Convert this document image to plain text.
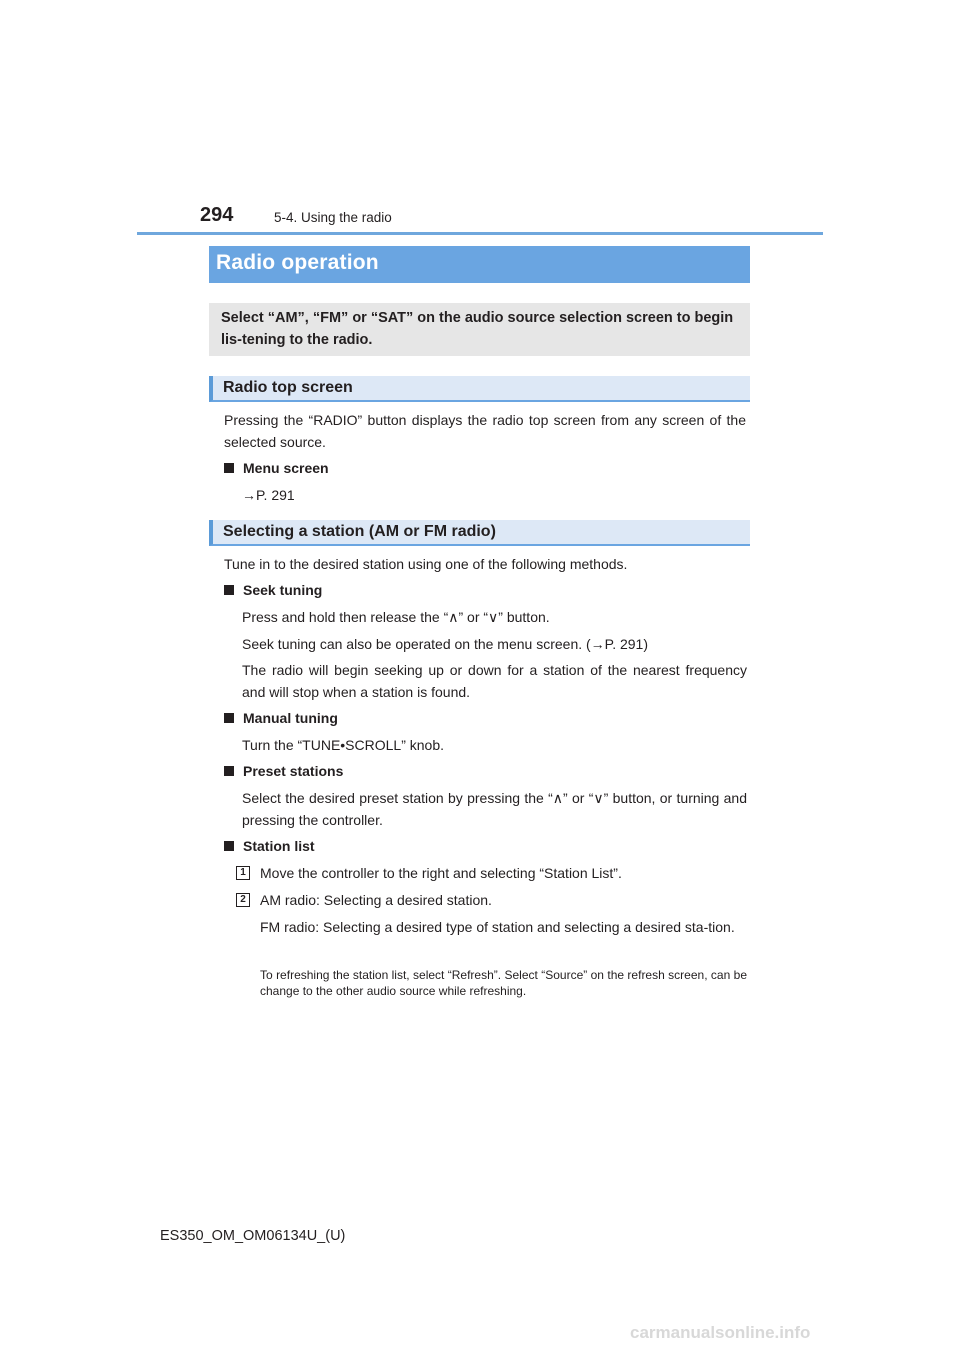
294	5-4. Using the radio
Radio operation
Select “AM”, “FM” or “SAT” on the audio source selection screen to begin lis-tening to the radio.
Radio top screen
Pressing the “RADIO” button displays the radio top screen from any screen of the selected source.
Menu screen
→P. 291
Selecting a station (AM or FM radio)
Tune in to the desired station using one of the following methods.
Seek tuning
Press and hold then release the “∧” or “∨” button.
Seek tuning can also be operated on the menu screen. (→P. 291)
The radio will begin seeking up or down for a station of the nearest frequency and will stop when a station is found.
Manual tuning
Turn the “TUNE•SCROLL” knob.
Preset stations
Select the desired preset station by pressing the “∧” or “∨” button, or turning and pressing the controller.
Station list
1	Move the controller to the right and selecting “Station List”.
2	AM radio: Selecting a desired station.
FM radio: Selecting a desired type of station and selecting a desired sta-tion.
To refreshing the station list, select “Refresh”. Select “Source” on the refresh screen, can be change to the other audio source while refreshing.
ES350_OM_OM06134U_(U)
carmanualsonline.info
